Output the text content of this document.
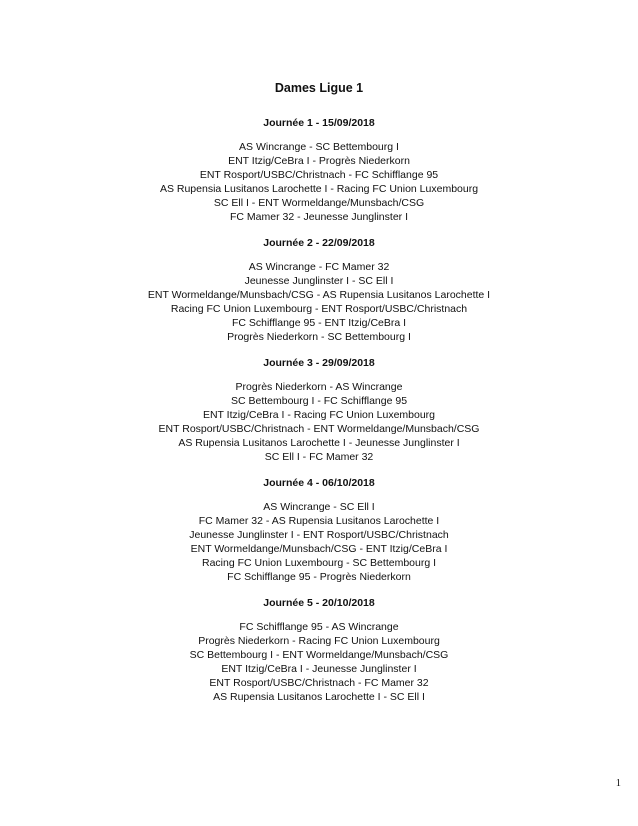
Dames Ligue 1
Journée 1 - 15/09/2018
AS Wincrange - SC Bettembourg I
ENT Itzig/CeBra I - Progrès Niederkorn
ENT Rosport/USBC/Christnach - FC Schifflange 95
AS Rupensia Lusitanos Larochette I - Racing FC Union Luxembourg
SC Ell I - ENT Wormeldange/Munsbach/CSG
FC Mamer 32 - Jeunesse Junglinster I
Journée 2 - 22/09/2018
AS Wincrange - FC Mamer 32
Jeunesse Junglinster I - SC Ell I
ENT Wormeldange/Munsbach/CSG - AS Rupensia Lusitanos Larochette I
Racing FC Union Luxembourg - ENT Rosport/USBC/Christnach
FC Schifflange 95 - ENT Itzig/CeBra I
Progrès Niederkorn - SC Bettembourg I
Journée 3 - 29/09/2018
Progrès Niederkorn - AS Wincrange
SC Bettembourg I - FC Schifflange 95
ENT Itzig/CeBra I - Racing FC Union Luxembourg
ENT Rosport/USBC/Christnach - ENT Wormeldange/Munsbach/CSG
AS Rupensia Lusitanos Larochette I - Jeunesse Junglinster I
SC Ell I - FC Mamer 32
Journée 4 - 06/10/2018
AS Wincrange - SC Ell I
FC Mamer 32 - AS Rupensia Lusitanos Larochette I
Jeunesse Junglinster I - ENT Rosport/USBC/Christnach
ENT Wormeldange/Munsbach/CSG - ENT Itzig/CeBra I
Racing FC Union Luxembourg - SC Bettembourg I
FC Schifflange 95 - Progrès Niederkorn
Journée 5 - 20/10/2018
FC Schifflange 95 - AS Wincrange
Progrès Niederkorn - Racing FC Union Luxembourg
SC Bettembourg I - ENT Wormeldange/Munsbach/CSG
ENT Itzig/CeBra I - Jeunesse Junglinster I
ENT Rosport/USBC/Christnach - FC Mamer 32
AS Rupensia Lusitanos Larochette I - SC Ell I
1
